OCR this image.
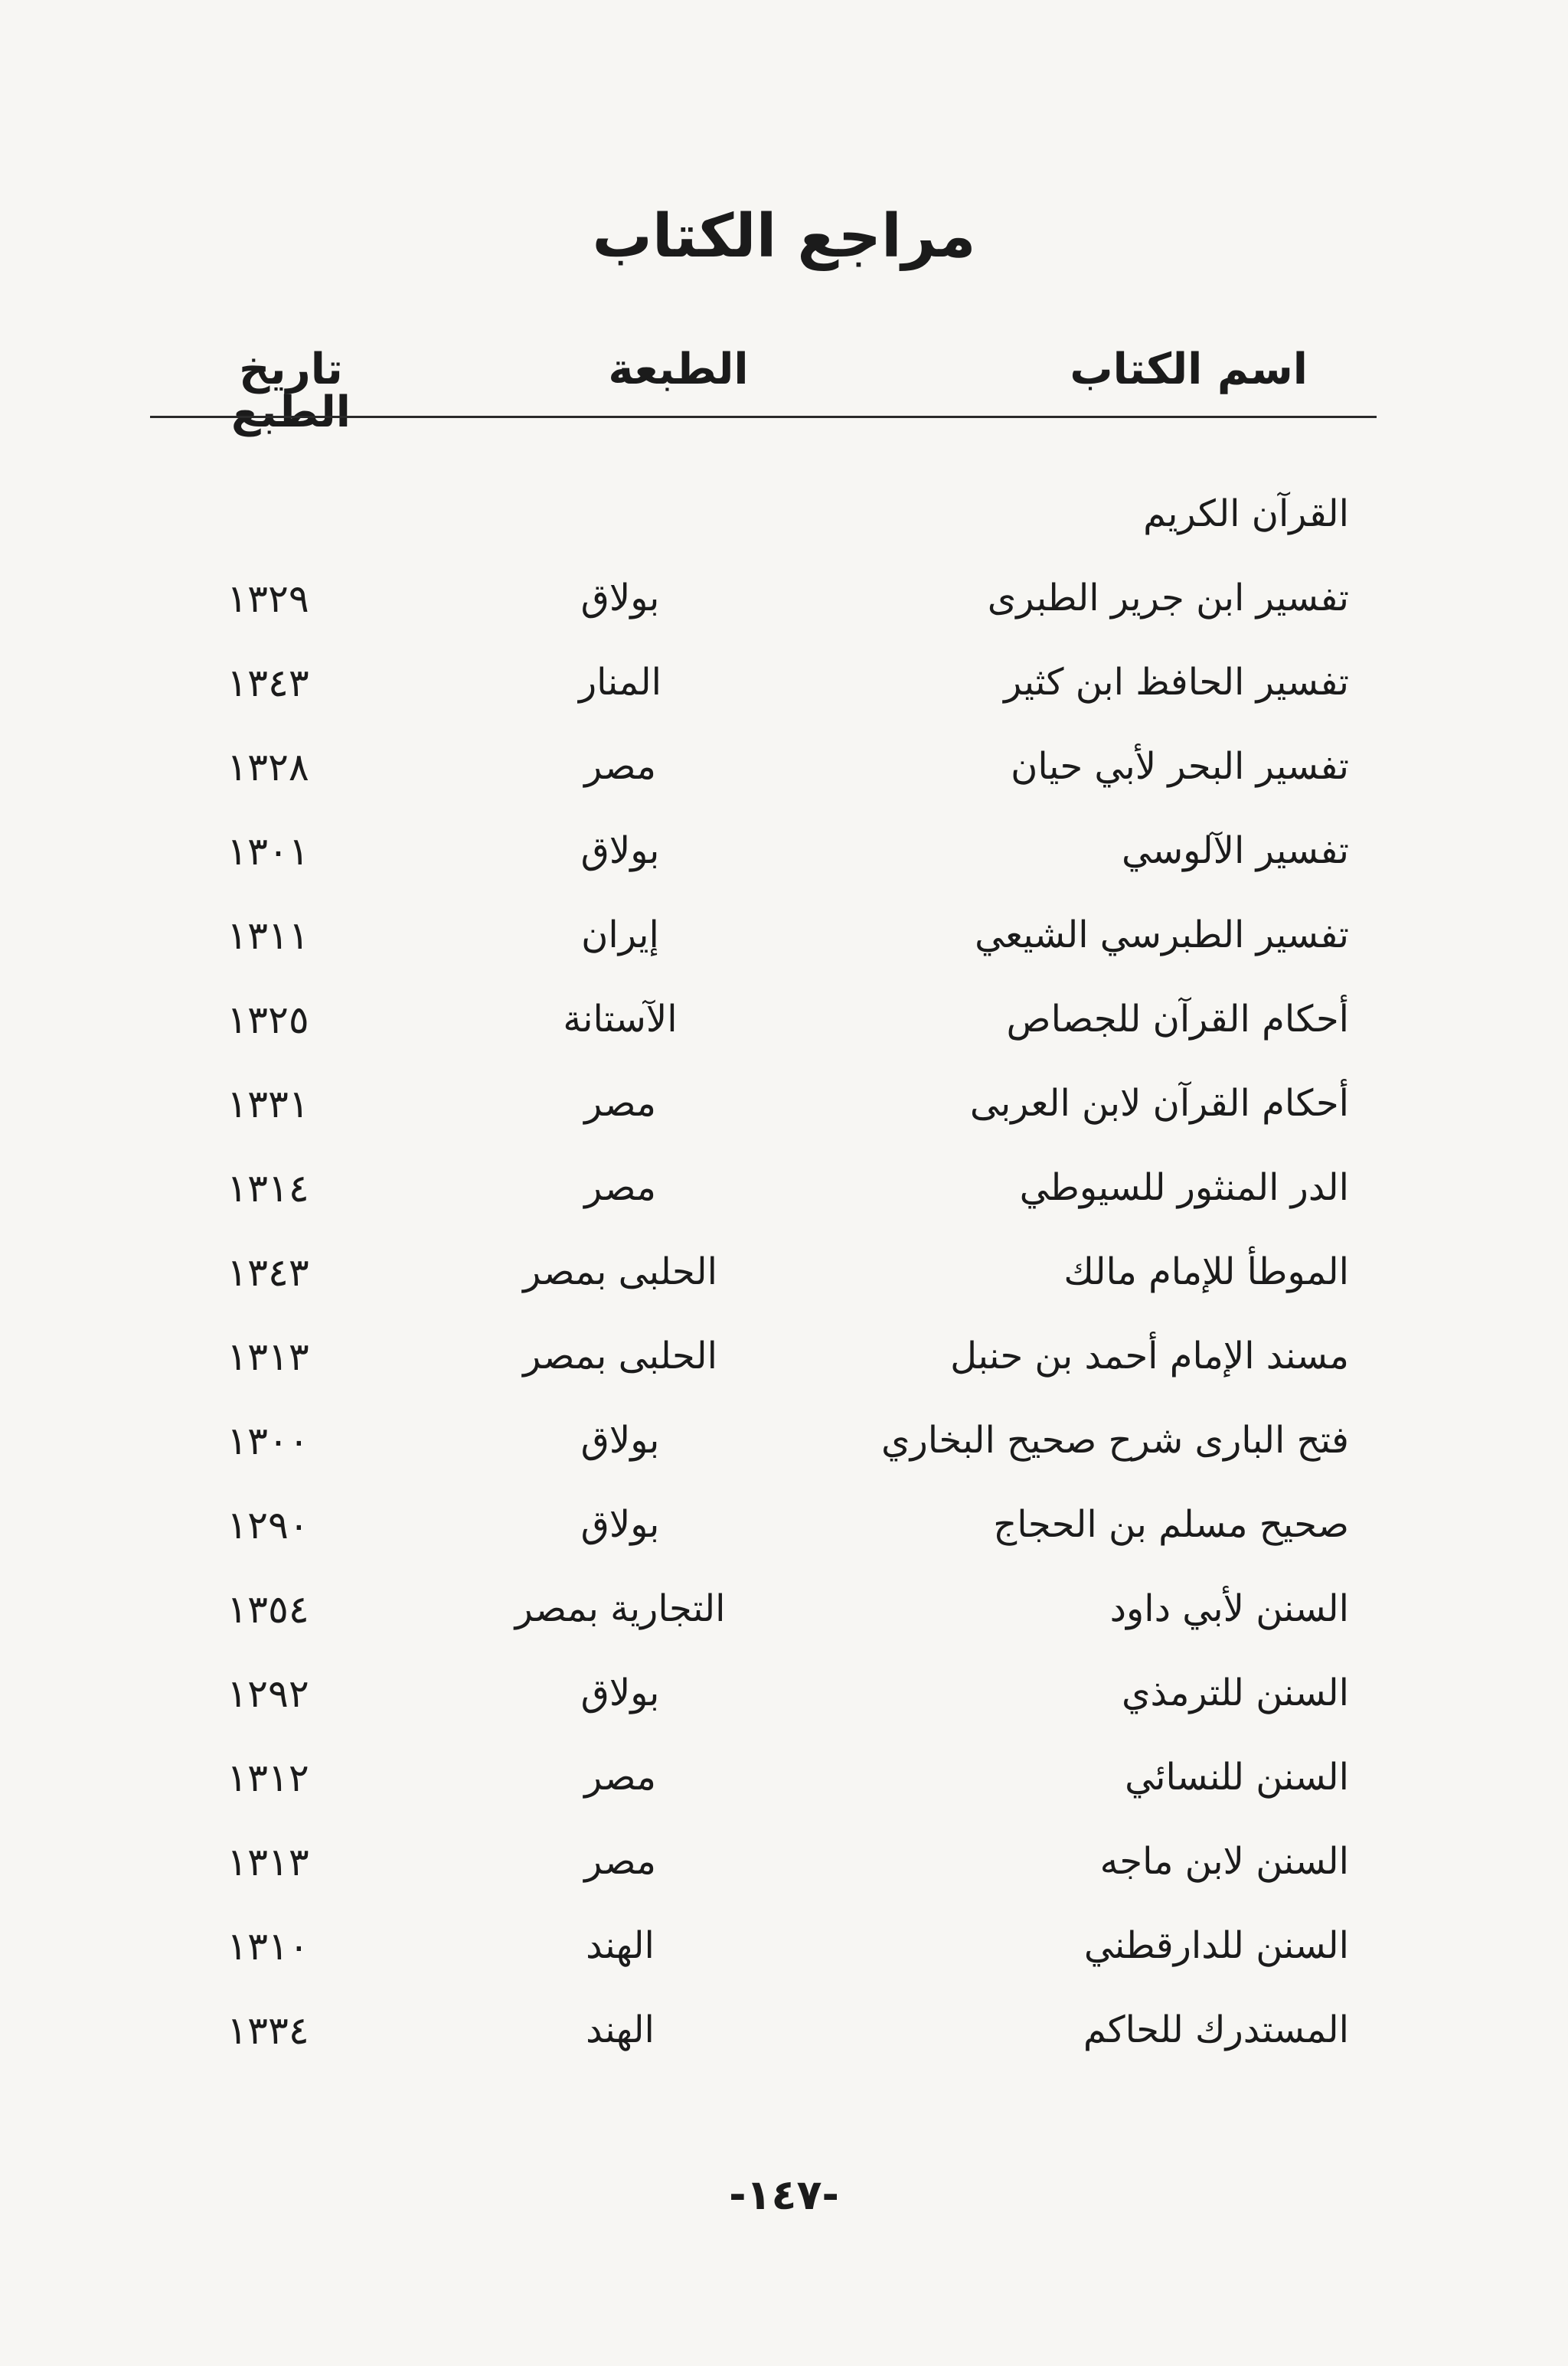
مراجع الكتاب
اسم الكتاب
الطبعة
تاريخ الطبع
القرآن الكريم
تفسير ابن جرير الطبرى
بولاق
١٣٢٩
تفسير الحافظ ابن كثير
المنار
١٣٤٣
تفسير البحر لأبي حيان
مصر
١٣٢٨
تفسير الآلوسي
بولاق
١٣٠١
تفسير الطبرسي الشيعي
إيران
١٣١١
أحكام القرآن للجصاص
الآستانة
١٣٢٥
أحكام القرآن لابن العربى
مصر
١٣٣١
الدر المنثور للسيوطي
مصر
١٣١٤
الموطأ للإمام مالك
الحلبى بمصر
١٣٤٣
مسند الإمام أحمد بن حنبل
الحلبى بمصر
١٣١٣
فتح البارى شرح صحيح البخاري
بولاق
١٣٠٠
صحيح مسلم بن الحجاج
بولاق
١٢٩٠
السنن لأبي داود
التجارية بمصر
١٣٥٤
السنن للترمذي
بولاق
١٢٩٢
السنن للنسائي
مصر
١٣١٢
السنن لابن ماجه
مصر
١٣١٣
السنن للدارقطني
الهند
١٣١٠
المستدرك للحاكم
الهند
١٣٣٤
-١٤٧-
